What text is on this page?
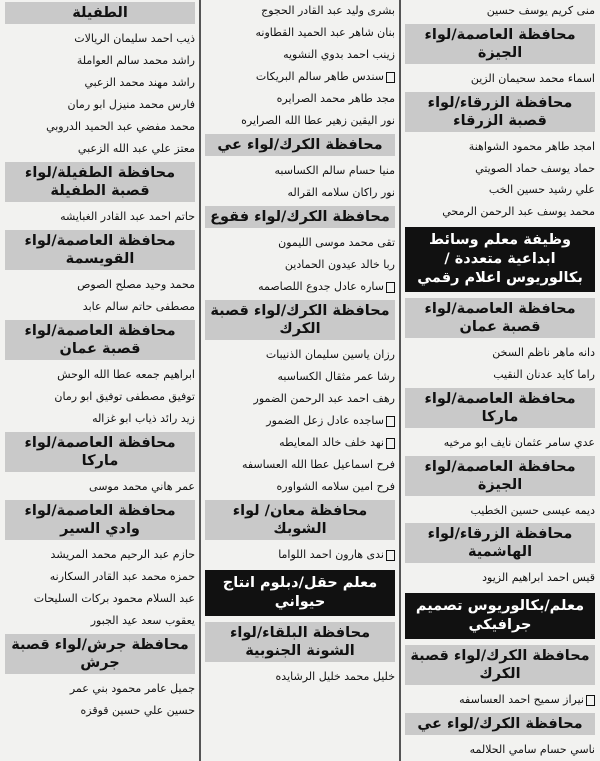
منى كريم يوسف حسين
محافظة العاصمة/لواء الجيزة
اسماء محمد سحيمان الزين
محافظة الزرقاء/لواء قصبة الزرقاء
امجد طاهر محمود الشواهنة
حماد يوسف حماد الصويتي
علي رشيد حسين الخب
محمد يوسف عبد الرحمن الرمحي
وظيفة معلم وسائط ابداعية متعددة /بكالوريوس اعلام رقمي
محافظة العاصمة/لواء قصبة عمان
دانه ماهر ناظم السخن
راما كايد عدنان النقيب
محافظة العاصمة/لواء ماركا
عدي سامر عثمان نايف ابو مرخيه
محافظة العاصمة/لواء الجيزة
ديمه عيسى حسين الخطيب
محافظة الزرقاء/لواء الهاشمية
قيس احمد ابراهيم الزيود
معلم/بكالوريوس تصميم جرافيكي
محافظة الكرك/لواء قصبة الكرك
نيراز سميح احمد العساسفه
محافظة الكرك/لواء عي
ناسي حسام سامي الحلالمه
بشرى وليد عبد القادر الحجوج
بنان شاهر عبد الحميد القطاونه
زينب احمد بدوي النشويه
سندس طاهر سالم البريكات
مجد طاهر محمد الصرايره
نور اليقين زهير عطا الله الصرايره
محافظة الكرك/لواء عي
منيا حسام سالم الكساسبه
نور راكان سلامه القراله
محافظة الكرك/لواء فقوع
تقى محمد موسى الليمون
ربا خالد عيدون الحمادين
ساره عادل جدوع اللصاصمه
محافظة الكرك/لواء قصبة الكرك
رزان ياسين سليمان الذنيبات
رشا عمر مثقال الكساسبه
رهف احمد عبد الرحمن الضمور
ساجده عادل زعل الضمور
نهد خلف خالد المعايطه
فرح اسماعيل عطا الله العساسفه
فرح امين سلامه الشواوره
محافظة معان/ لواء الشوبك
ندى هارون احمد اللواما
معلم حقل/دبلوم انتاج حيواني
محافظة البلقاء/لواء الشونة الجنوبية
خليل محمد خليل الرشايده
الطفيلة
ذيب احمد سليمان الريالات
راشد محمد سالم العواملة
راشد مهند محمد الزعبي
فارس محمد منيزل ابو رمان
محمد مفضي عبد الحميد الدروبي
معتز علي عبد الله الزعبي
محافظة الطفيلة/لواء قصبة الطفيلة
حاتم احمد عبد القادر الغبايشه
محافظة العاصمة/لواء القويسمة
محمد وحيد مصلح الصوص
مصطفى حاتم سالم عابد
محافظة العاصمة/لواء قصبة عمان
ابراهيم جمعه عطا الله الوحش
توفيق مصطفى توفيق ابو رمان
زيد رائد ذياب ابو غزاله
محافظة العاصمة/لواء ماركا
عمر هاني محمد موسى
محافظة العاصمة/لواء وادي السير
حازم عبد الرحيم محمد المريشد
حمزه محمد عبد القادر السكارنه
عبد السلام محمود بركات السليحات
يعقوب سعد عيد الجبور
محافظة جرش/لواء قصبة جرش
جميل عامر محمود بني عمر
حسين علي حسين قوقزه
